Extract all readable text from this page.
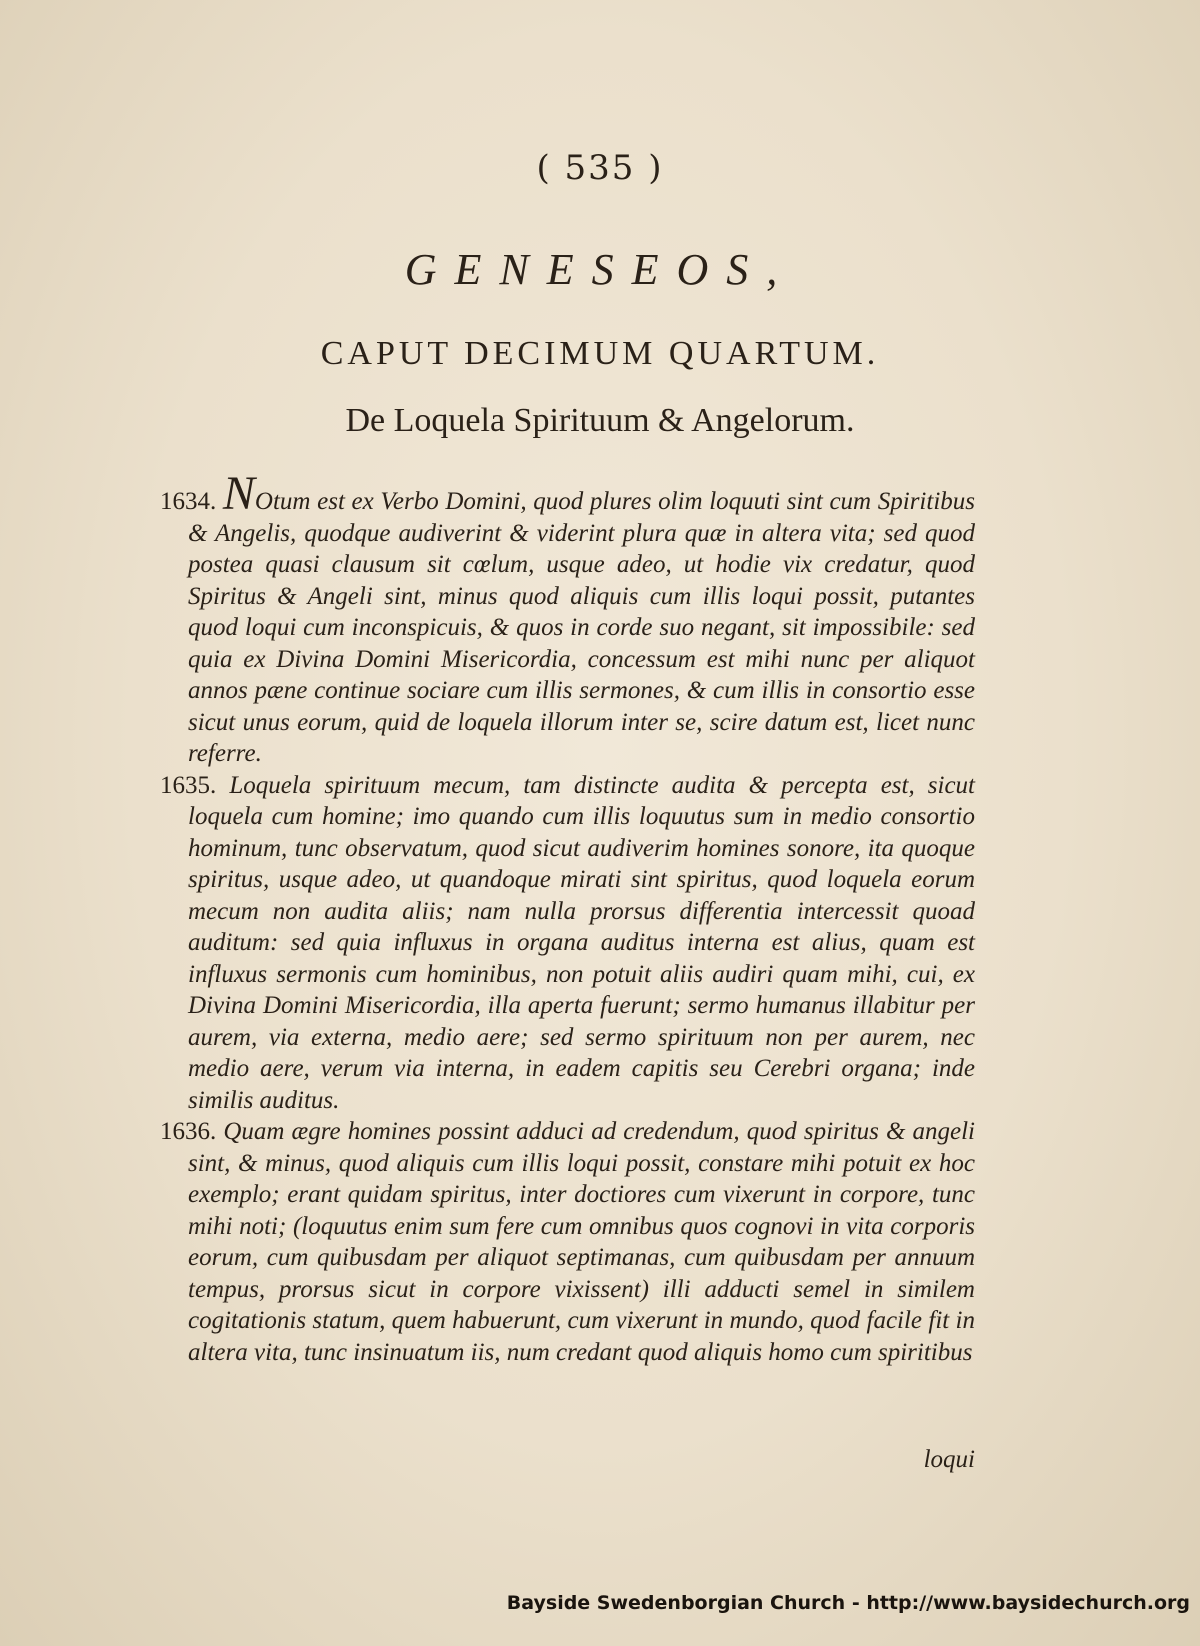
( 535 )
GENESEOS,
CAPUT DECIMUM QUARTUM.
De Loquela Spirituum & Angelorum.

1634. NOtum est ex Verbo Domini, quod plures olim loquuti sint cum Spiritibus & Angelis, quodque audiverint & viderint plura quæ in altera vita; sed quod postea quasi clausum sit cœlum, usque adeo, ut hodie vix credatur, quod Spiritus & Angeli sint, minus quod aliquis cum illis loqui possit, putantes quod loqui cum inconspicuis, & quos in corde suo negant, sit impossibile: sed quia ex Divina Domini Misericordia, concessum est mihi nunc per aliquot annos pæne continue sociare cum illis sermones, & cum illis in consortio esse sicut unus eorum, quid de loquela illorum inter se, scire datum est, licet nunc referre.

1635. Loquela spirituum mecum, tam distincte audita & percepta est, sicut loquela cum homine; imo quando cum illis loquutus sum in medio consortio hominum, tunc observatum, quod sicut audiverim homines sonore, ita quoque spiritus, usque adeo, ut quandoque mirati sint spiritus, quod loquela eorum mecum non audita aliis; nam nulla prorsus differentia intercessit quoad auditum: sed quia influxus in organa auditus interna est alius, quam est influxus sermonis cum hominibus, non potuit aliis audiri quam mihi, cui, ex Divina Domini Misericordia, illa aperta fuerunt; sermo humanus illabitur per aurem, via externa, medio aere; sed sermo spirituum non per aurem, nec medio aere, verum via interna, in eadem capitis seu Cerebri organa; inde similis auditus.

1636. Quam ægre homines possint adduci ad credendum, quod spiritus & angeli sint, & minus, quod aliquis cum illis loqui possit, constare mihi potuit ex hoc exemplo; erant quidam spiritus, inter doctiores cum vixerunt in corpore, tunc mihi noti; (loquutus enim sum fere cum omnibus quos cognovi in vita corporis eorum, cum quibusdam per aliquot septimanas, cum quibusdam per annuum tempus, prorsus sicut in corpore vixissent) illi adducti semel in similem cogitationis statum, quem habuerunt, cum vixerunt in mundo, quod facile fit in altera vita, tunc insinuatum iis, num credant quod aliquis homo cum spiritibus

loqui
Bayside Swedenborgian Church - http://www.baysidechurch.org
